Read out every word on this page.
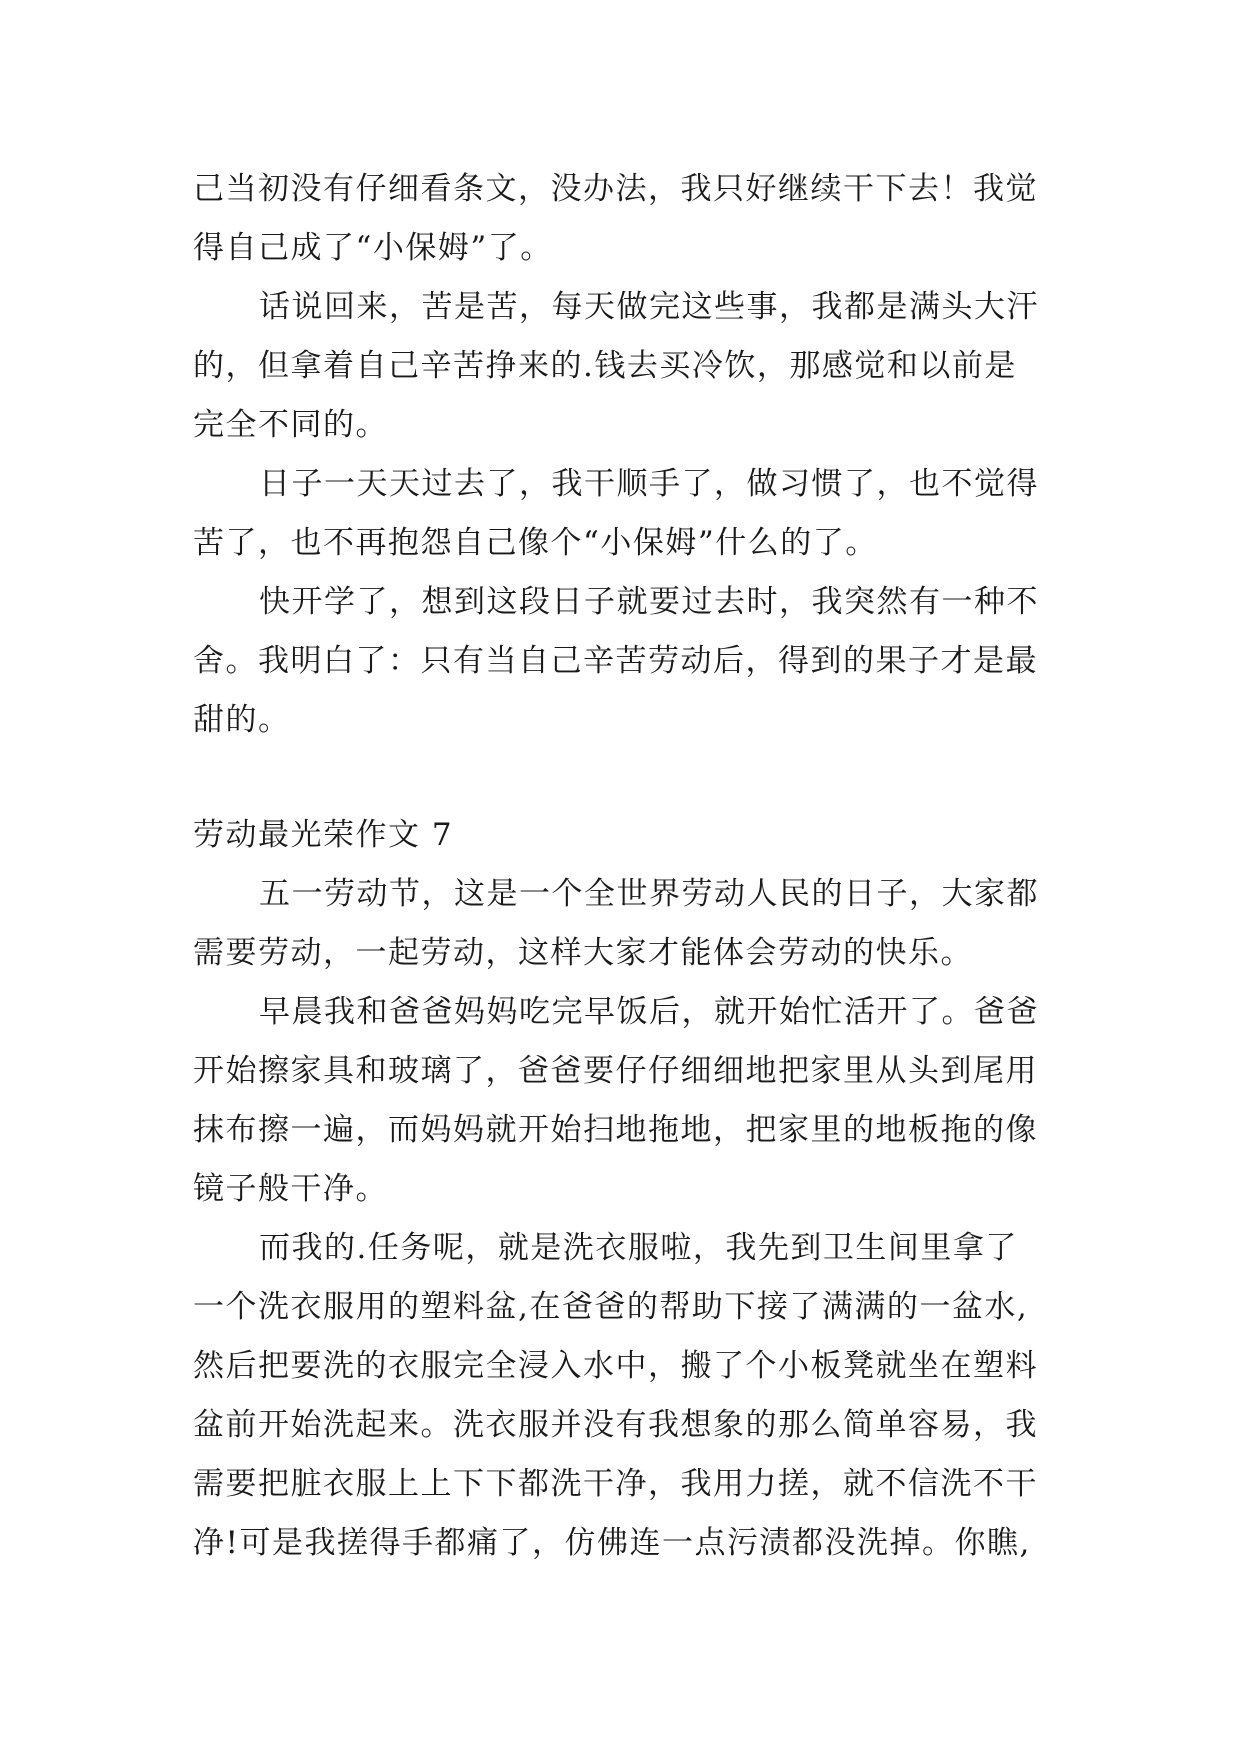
己当初没有仔细看条文，没办法，我只好继续干下去！我觉
得自己成了“小保姆”了。
话说回来，苦是苦，每天做完这些事，我都是满头大汗
的，但拿着自己辛苦挣来的.钱去买冷饮，那感觉和以前是
完全不同的。
日子一天天过去了，我干顺手了，做习惯了，也不觉得
苦了，也不再抱怨自己像个“小保姆”什么的了。
快开学了，想到这段日子就要过去时，我突然有一种不
舍。我明白了：只有当自己辛苦劳动后，得到的果子才是最
甜的。
劳动最光荣作文 7
五一劳动节，这是一个全世界劳动人民的日子，大家都
需要劳动，一起劳动，这样大家才能体会劳动的快乐。
早晨我和爸爸妈妈吃完早饭后，就开始忙活开了。爸爸
开始擦家具和玻璃了，爸爸要仔仔细细地把家里从头到尾用
抹布擦一遍，而妈妈就开始扫地拖地，把家里的地板拖的像
镜子般干净。
而我的.任务呢，就是洗衣服啦，我先到卫生间里拿了
一个洗衣服用的塑料盆,在爸爸的帮助下接了满满的一盆水,
然后把要洗的衣服完全浸入水中，搬了个小板凳就坐在塑料
盆前开始洗起来。洗衣服并没有我想象的那么简单容易，我
需要把脏衣服上上下下都洗干净，我用力搓，就不信洗不干
净!可是我搓得手都痛了，仿佛连一点污渍都没洗掉。你瞧,
